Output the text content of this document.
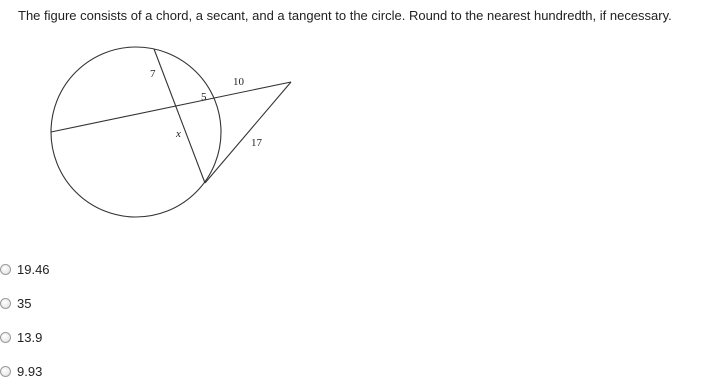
The figure consists of a chord, a secant, and a tangent to the circle. Round to the nearest hundredth, if necessary.
7
5
10
x
17
19.46
35
13.9
9.93
